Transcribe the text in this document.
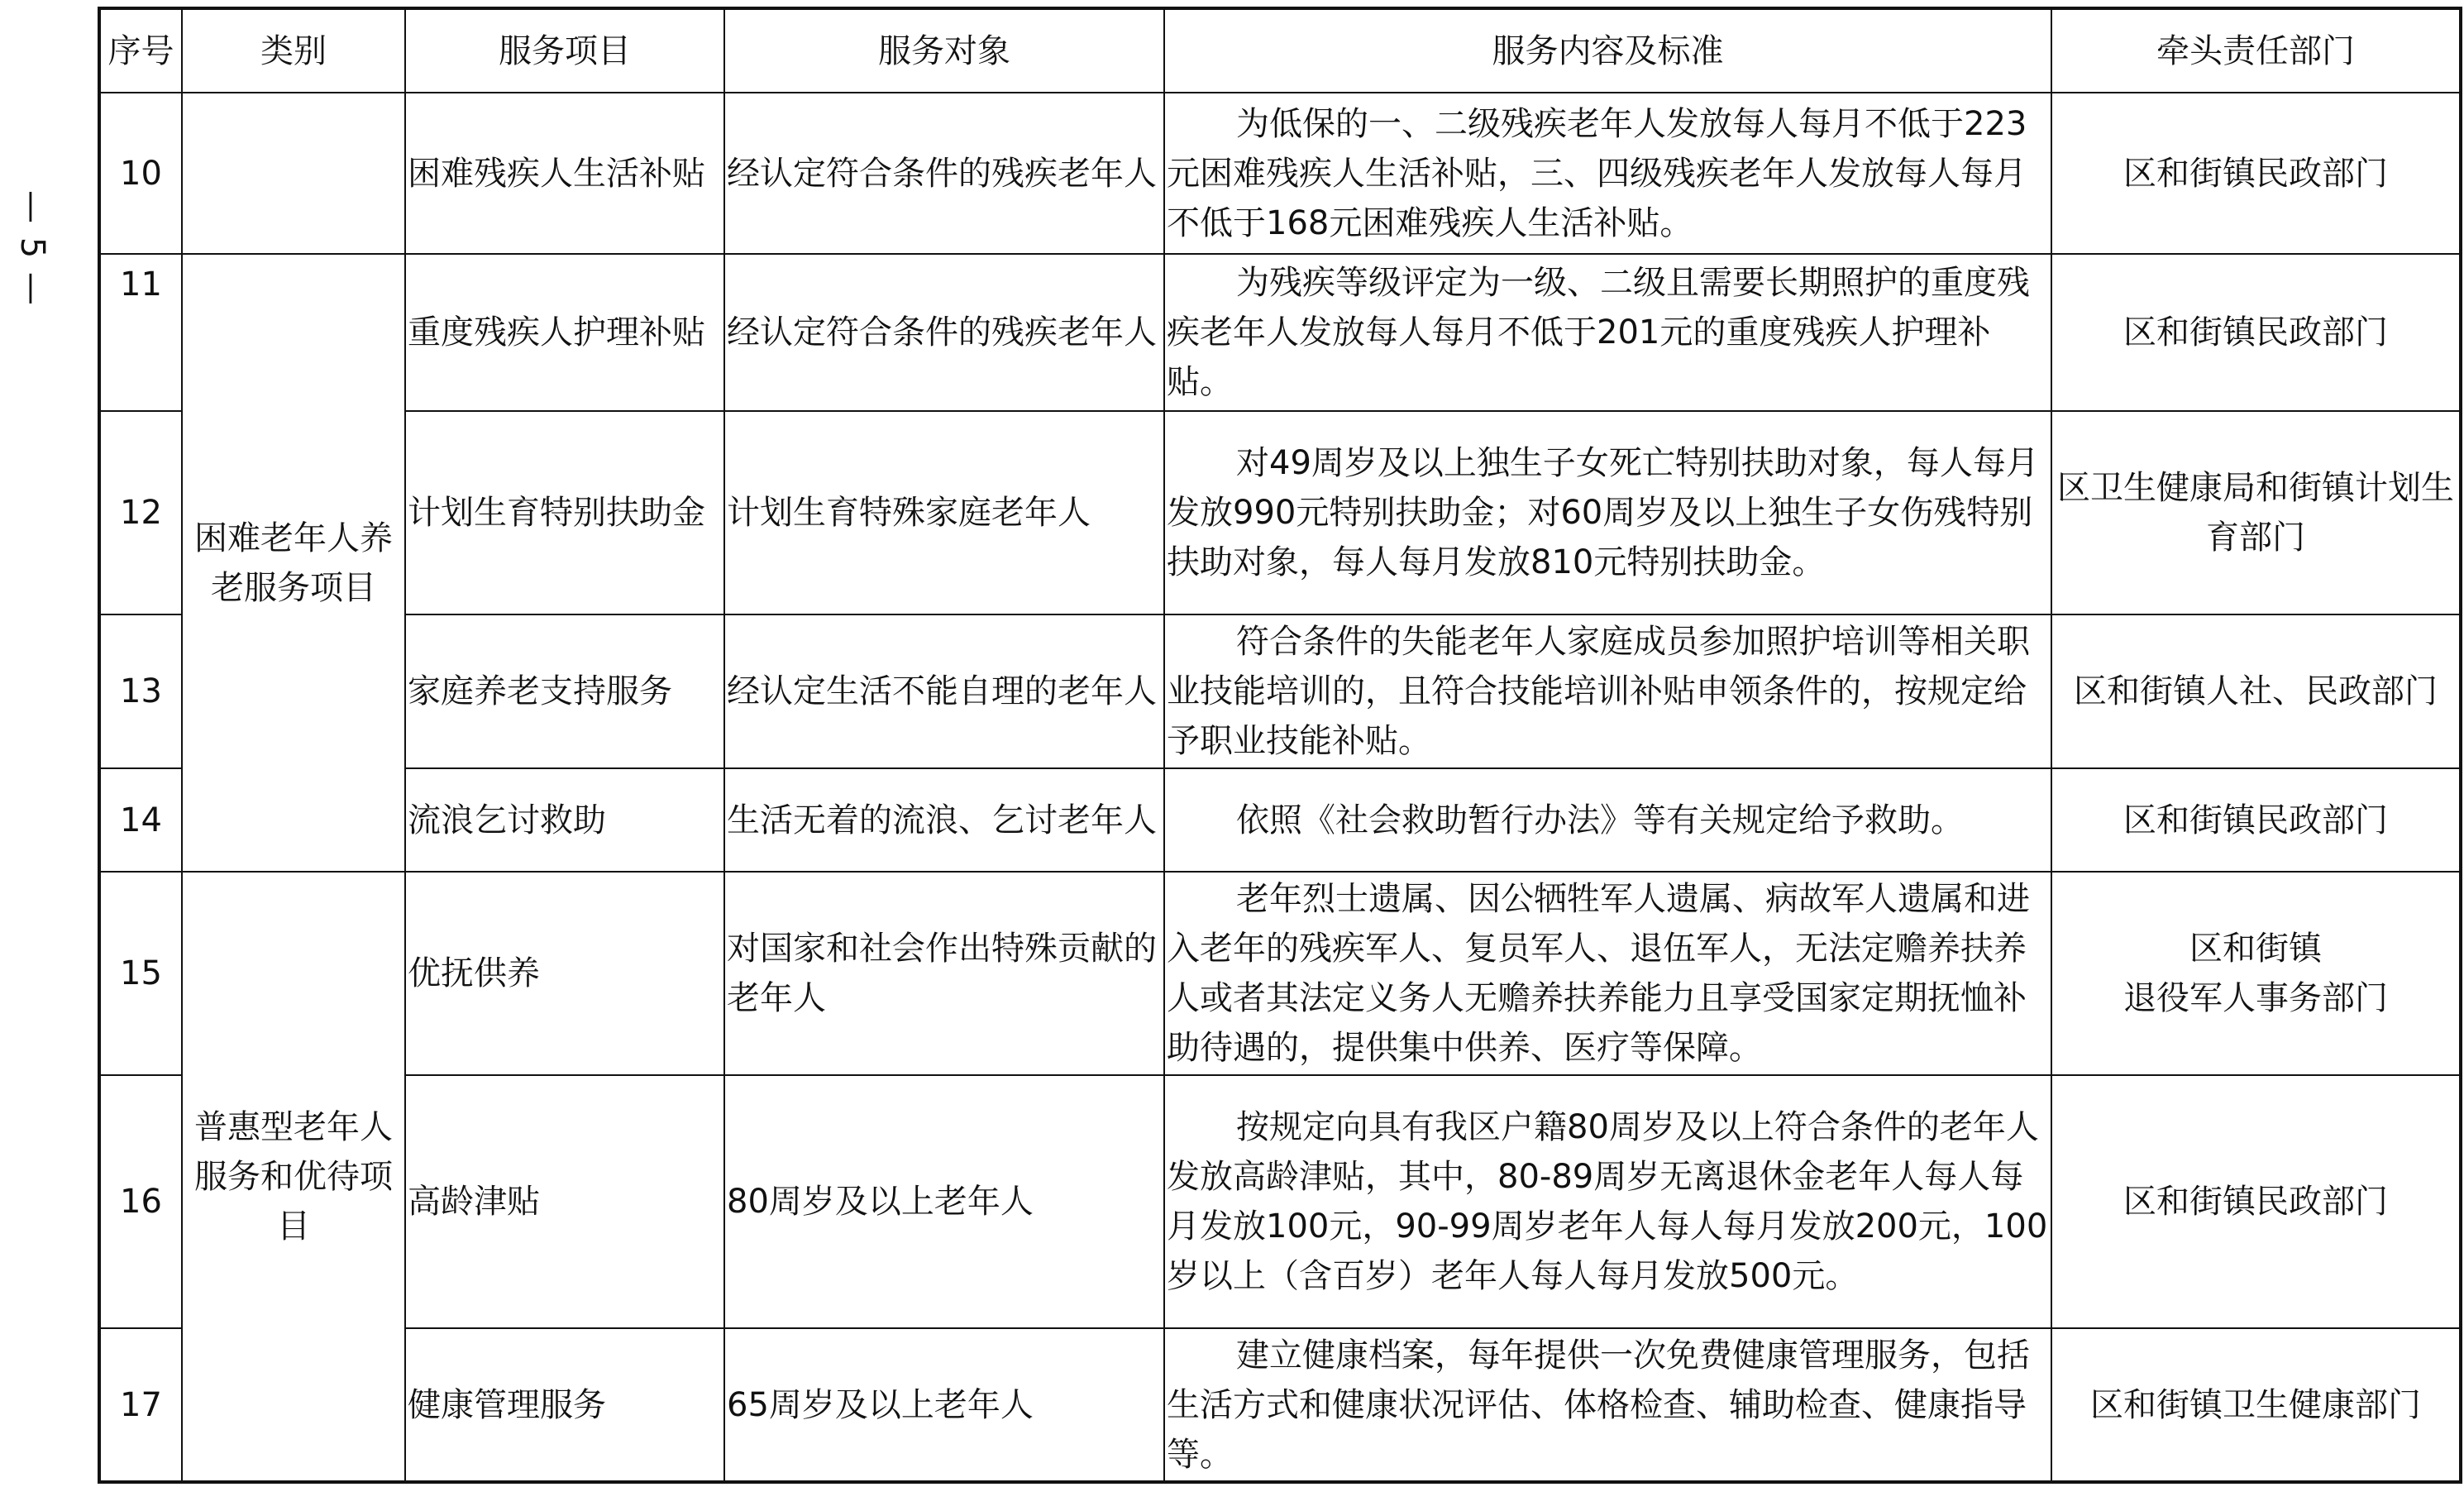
— 5 —
序号	类别	服务项目	服务对象	服务内容及标准	牵头责任部门
10		困难残疾人生活补贴	经认定符合条件的残疾老年人	为低保的一、二级残疾老年人发放每人每月不低于223元困难残疾人生活补贴，三、四级残疾老年人发放每人每月不低于168元困难残疾人生活补贴。	区和街镇民政部门
11	困难老年人养老服务项目	重度残疾人护理补贴	经认定符合条件的残疾老年人	为残疾等级评定为一级、二级且需要长期照护的重度残疾老年人发放每人每月不低于201元的重度残疾人护理补贴。	区和街镇民政部门
12		计划生育特别扶助金	计划生育特殊家庭老年人	对49周岁及以上独生子女死亡特别扶助对象，每人每月发放990元特别扶助金；对60周岁及以上独生子女伤残特别扶助对象，每人每月发放810元特别扶助金。	区卫生健康局和街镇计划生育部门
13		家庭养老支持服务	经认定生活不能自理的老年人	符合条件的失能老年人家庭成员参加照护培训等相关职业技能培训的，且符合技能培训补贴申领条件的，按规定给予职业技能补贴。	区和街镇人社、民政部门
14		流浪乞讨救助	生活无着的流浪、乞讨老年人	依照《社会救助暂行办法》等有关规定给予救助。	区和街镇民政部门
15	普惠型老年人服务和优待项目	优抚供养	对国家和社会作出特殊贡献的老年人	老年烈士遗属、因公牺牲军人遗属、病故军人遗属和进入老年的残疾军人、复员军人、退伍军人，无法定赡养扶养人或者其法定义务人无赡养扶养能力且享受国家定期抚恤补助待遇的，提供集中供养、医疗等保障。	区和街镇
退役军人事务部门
16		高龄津贴	80周岁及以上老年人	按规定向具有我区户籍80周岁及以上符合条件的老年人发放高龄津贴，其中，80-89周岁无离退休金老年人每人每月发放100元，90-99周岁老年人每人每月发放200元，100岁以上（含百岁）老年人每人每月发放500元。	区和街镇民政部门
17		健康管理服务	65周岁及以上老年人	建立健康档案，每年提供一次免费健康管理服务，包括生活方式和健康状况评估、体格检查、辅助检查、健康指导等。	区和街镇卫生健康部门
